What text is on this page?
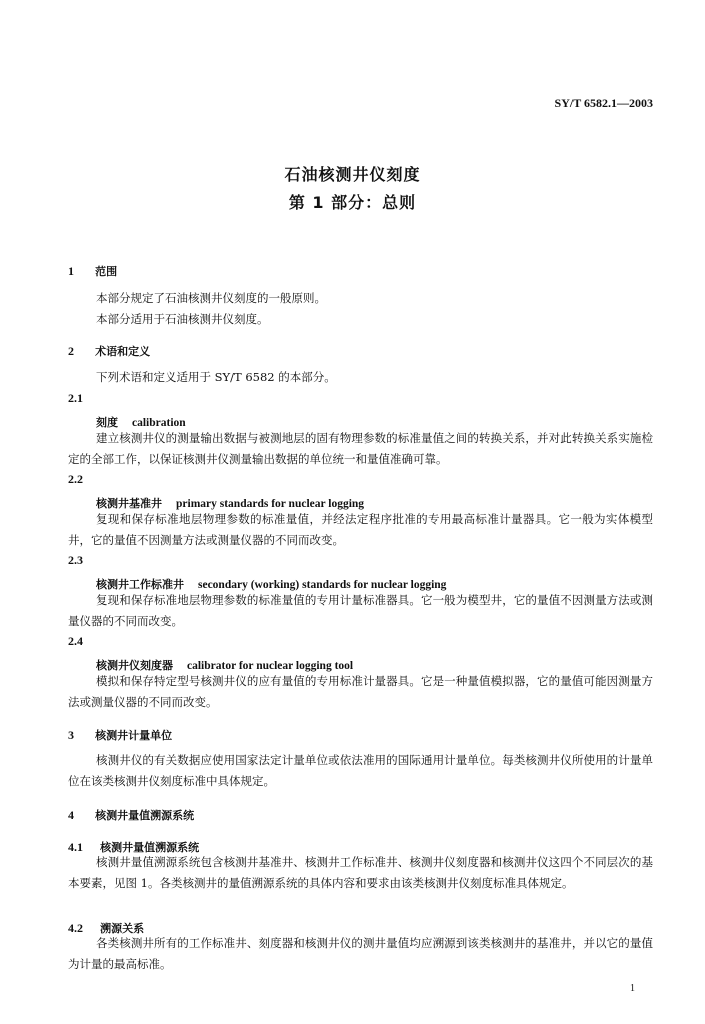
SY/T 6582.1—2003
石油核测井仪刻度
第 1 部分：总则
1 范围
本部分规定了石油核测井仪刻度的一般原则。
本部分适用于石油核测井仪刻度。
2 术语和定义
下列术语和定义适用于 SY/T 6582 的本部分。
2.1
刻度 calibration
建立核测井仪的测量输出数据与被测地层的固有物理参数的标准量值之间的转换关系，并对此转换关系实施检定的全部工作，以保证核测井仪测量输出数据的单位统一和量值准确可靠。
2.2
核测井基准井 primary standards for nuclear logging
复现和保存标准地层物理参数的标准量值，并经法定程序批准的专用最高标准计量器具。它一般为实体模型井，它的量值不因测量方法或测量仪器的不同而改变。
2.3
核测井工作标准井 secondary (working) standards for nuclear logging
复现和保存标准地层物理参数的标准量值的专用计量标准器具。它一般为模型井，它的量值不因测量方法或测量仪器的不同而改变。
2.4
核测井仪刻度器 calibrator for nuclear logging tool
模拟和保存特定型号核测井仪的应有量值的专用标准计量器具。它是一种量值模拟器，它的量值可能因测量方法或测量仪器的不同而改变。
3 核测井计量单位
核测井仪的有关数据应使用国家法定计量单位或依法准用的国际通用计量单位。每类核测井仪所使用的计量单位在该类核测井仪刻度标准中具体规定。
4 核测井量值溯源系统
4.1 核测井量值溯源系统
核测井量值溯源系统包含核测井基准井、核测井工作标准井、核测井仪刻度器和核测井仪这四个不同层次的基本要素，见图 1。各类核测井的量值溯源系统的具体内容和要求由该类核测井仪刻度标准具体规定。
4.2 溯源关系
各类核测井所有的工作标准井、刻度器和核测井仪的测井量值均应溯源到该类核测井的基准井，并以它的量值为计量的最高标准。
1
